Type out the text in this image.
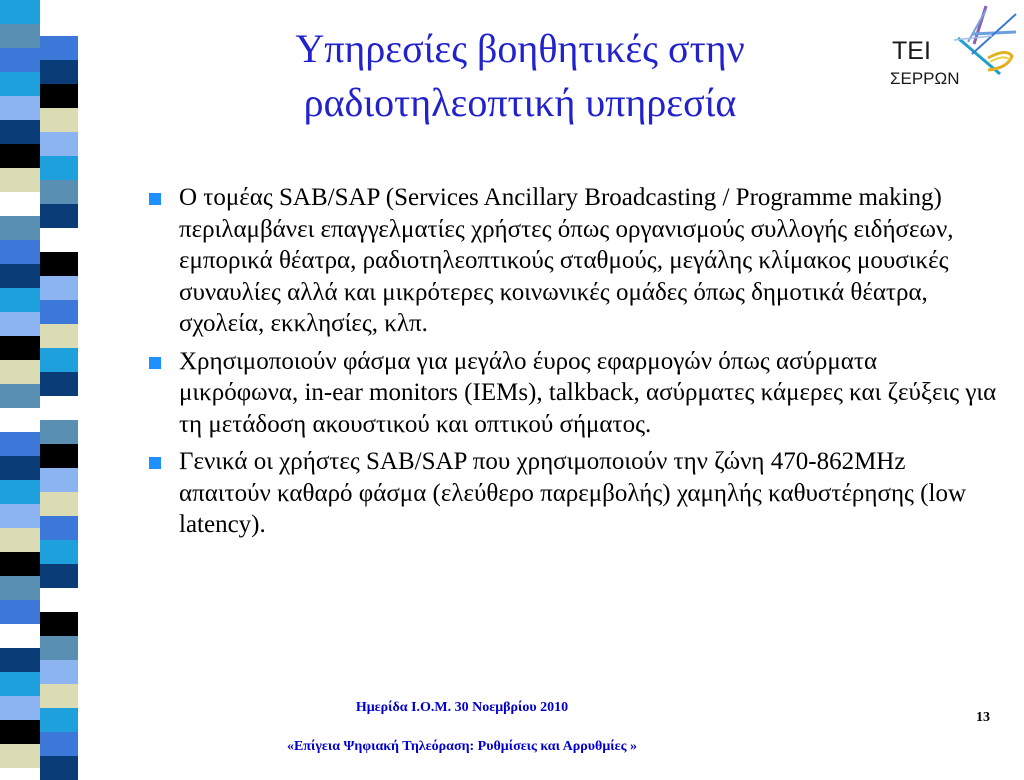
ΤΕΙ
ΣΕΡΡΩΝ
Υπηρεσίες βοηθητικές στην
ραδιοτηλεοπτική υπηρεσία
Ο τομέας SAB/SAP (Services Ancillary Broadcasting / Programme making) περιλαμβάνει επαγγελματίες χρήστες όπως οργανισμούς συλλογής ειδήσεων, εμπορικά θέατρα, ραδιοτηλεοπτικούς σταθμούς, μεγάλης κλίμακος μουσικές συναυλίες αλλά και μικρότερες κοινωνικές ομάδες όπως δημοτικά θέατρα, σχολεία, εκκλησίες, κλπ.
Χρησιμοποιούν φάσμα για μεγάλο έυρος εφαρμογών όπως ασύρματα μικρόφωνα, in-ear monitors (IEMs), talkback, ασύρματες κάμερες και ζεύξεις για τη μετάδοση ακουστικού και οπτικού σήματος.
Γενικά οι χρήστες SAB/SAP που χρησιμοποιούν την ζώνη 470-862MHz απαιτούν καθαρό φάσμα (ελεύθερο παρεμβολής) χαμηλής καθυστέρησης (low latency).
Ημερίδα Ι.Ο.Μ. 30 Νοεμβρίου 2010
«Επίγεια Ψηφιακή Τηλεόραση: Ρυθμίσεις και Αρρυθμίες »
13
